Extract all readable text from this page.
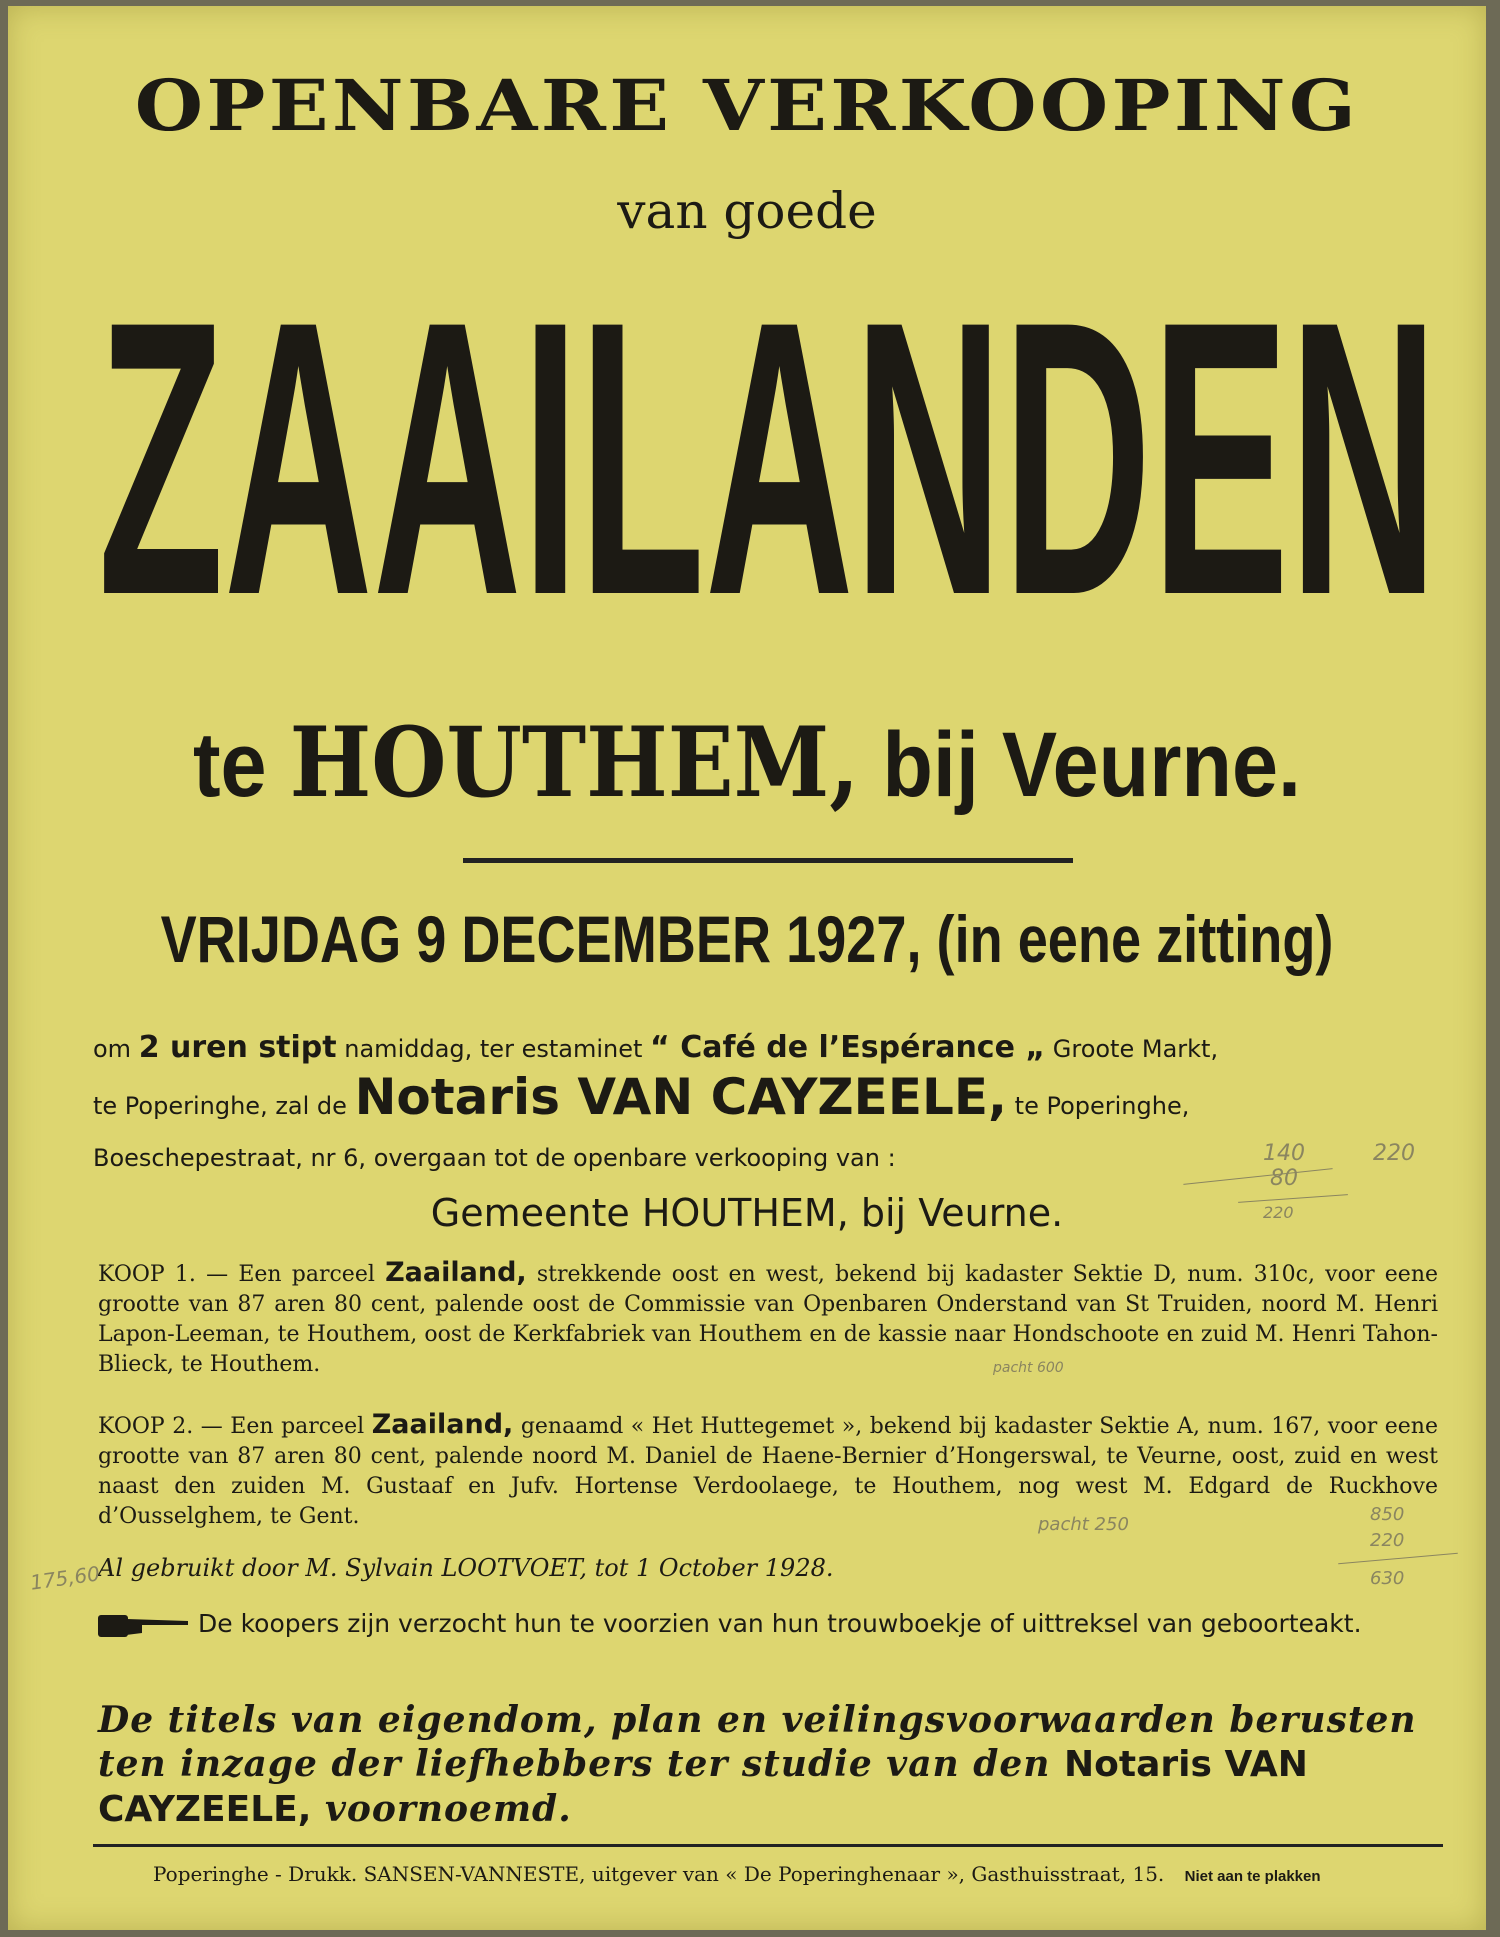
OPENBARE VERKOOPING
van goede
ZAAILANDEN
te HOUTHEM, bij Veurne.
VRIJDAG 9 DECEMBER 1927, (in eene zitting)
om 2 uren stipt namiddag, ter estaminet “ Café de l’Espérance „ Groote Markt,
te Poperinghe, zal de Notaris VAN CAYZEELE, te Poperinghe,
Boeschepestraat, nr 6, overgaan tot de openbare verkooping van :
Gemeente HOUTHEM, bij Veurne.
KOOP 1. — Een parceel Zaailand, strekkende oost en west, bekend bij kadaster Sektie D, num. 310c, voor eene grootte van 87 aren 80 cent, palende oost de Commissie van Openbaren Onderstand van St Truiden, noord M. Henri Lapon-Leeman, te Houthem, oost de Kerkfabriek van Houthem en de kassie naar Hondschoote en zuid M. Henri Tahon-Blieck, te Houthem.
KOOP 2. — Een parceel Zaailand, genaamd « Het Huttegemet », bekend bij kadaster Sektie A, num. 167, voor eene grootte van 87 aren 80 cent, palende noord M. Daniel de Haene-Bernier d’Hongerswal, te Veurne, oost, zuid en west naast den zuiden M. Gustaaf en Jufv. Hortense Verdoolaege, te Houthem, nog west M. Edgard de Ruckhove d’Ousselghem, te Gent.
Al gebruikt door M. Sylvain LOOTVOET, tot 1 October 1928.
De koopers zijn verzocht hun te voorzien van hun trouwboekje of uittreksel van geboorteakt.
De titels van eigendom, plan en veilingsvoorwaarden berusten ten inzage der liefhebbers ter studie van den Notaris VAN CAYZEELE, voornoemd.
Poperinghe - Drukk. SANSEN-VANNESTE, uitgever van « De Poperinghenaar », Gasthuisstraat, 15. Niet aan te plakken
140
80
220
220
pacht 600
pacht 250	850
220
630
175,60
